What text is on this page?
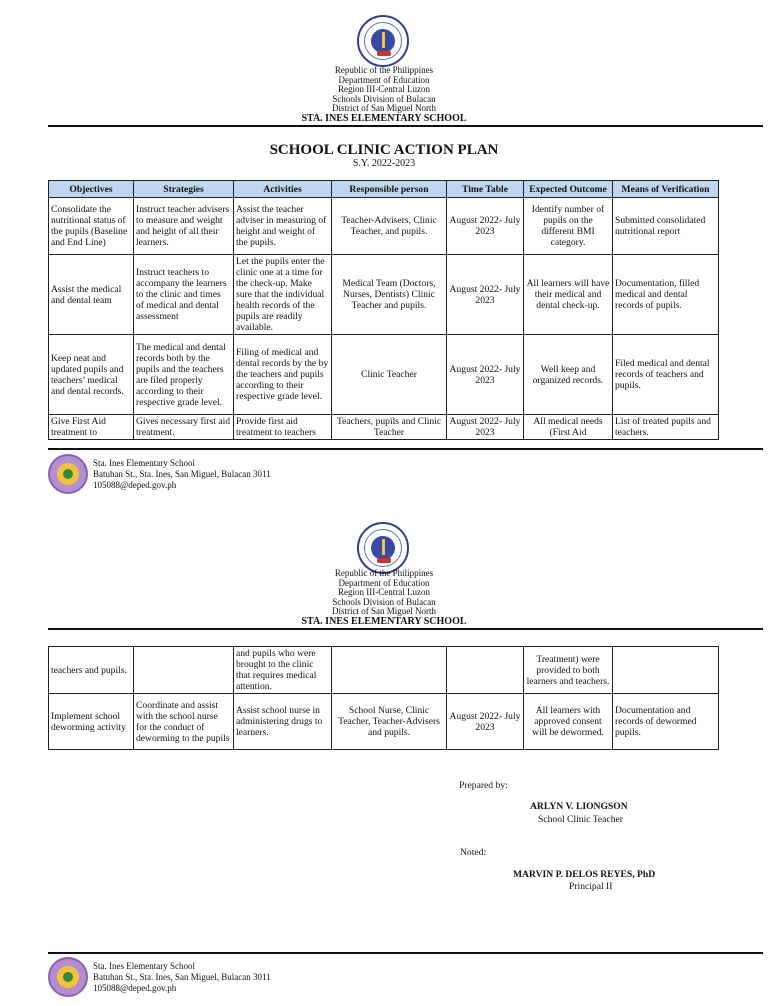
Republic of the Philippines
Department of Education
Region III-Central Luzon
Schools Division of Bulacan
District of San Miguel North
STA. INES ELEMENTARY SCHOOL
SCHOOL CLINIC ACTION PLAN
S.Y. 2022-2023
Objectives	Strategies	Activities	Responsible person	Time Table	Expected Outcome	Means of Verification
Consolidate the nutritional status of the pupils (Baseline and End Line)	Instruct teacher advisers to measure and weight and height of all their learners.	Assist the teacher adviser in measuring of height and weight of the pupils.	Teacher-Advisers, Clinic Teacher, and pupils.	August 2022- July 2023	Identify number of pupils on the different BMI category.	Submitted consolidated nutritional report
Assist the medical and dental team	Instruct teachers to accompany the learners to the clinic and times of medical and dental assessment	Let the pupils enter the clinic one at a time for the check-up. Make sure that the individual health records of the pupils are readily available.	Medical Team (Doctors, Nurses, Dentists) Clinic Teacher and pupils.	August 2022- July 2023	All learners will have their medical and dental check-up.	Documentation, filled medical and dental records of pupils.
Keep neat and updated pupils and teachers’ medical and dental records.	The medical and dental records both by the pupils and the teachers are filed properly according to their respective grade level.	Filing of medical and dental records by the by the teachers and pupils according to their respective grade level.	Clinic Teacher	August 2022- July 2023	Well keep and organized records.	Filed medical and dental records of teachers and pupils.
Give First Aid treatment to	Gives necessary first aid treatment.	Provide first aid treatment to teachers	Teachers, pupils and Clinic Teacher	August 2022- July 2023	All medical needs (First Aid	List of treated pupils and teachers.
Sta. Ines Elementary School
Batuhan St., Sta. Ines, San Miguel, Bulacan 3011
105088@deped.gov.ph
Republic of the Philippines
Department of Education
Region III-Central Luzon
Schools Division of Bulacan
District of San Miguel North
STA. INES ELEMENTARY SCHOOL
teachers and pupils.		and pupils who were brought to the clinic that requires medical attention.			Treatment) were provided to both learners and teachers.	
Implement school deworming activity	Coordinate and assist with the school nurse for the conduct of deworming to the pupils	Assist school nurse in administering drugs to learners.	School Nurse, Clinic Teacher, Teacher-Advisers and pupils.	August 2022- July 2023	All learners with approved consent will be dewormed.	Documentation and records of dewormed pupils.
Prepared by:
ARLYN V. LIONGSON
School Clinic Teacher
Noted:
MARVIN P. DELOS REYES, PhD
Principal II
Sta. Ines Elementary School
Batuhan St., Sta. Ines, San Miguel, Bulacan 3011
105088@deped.gov.ph
